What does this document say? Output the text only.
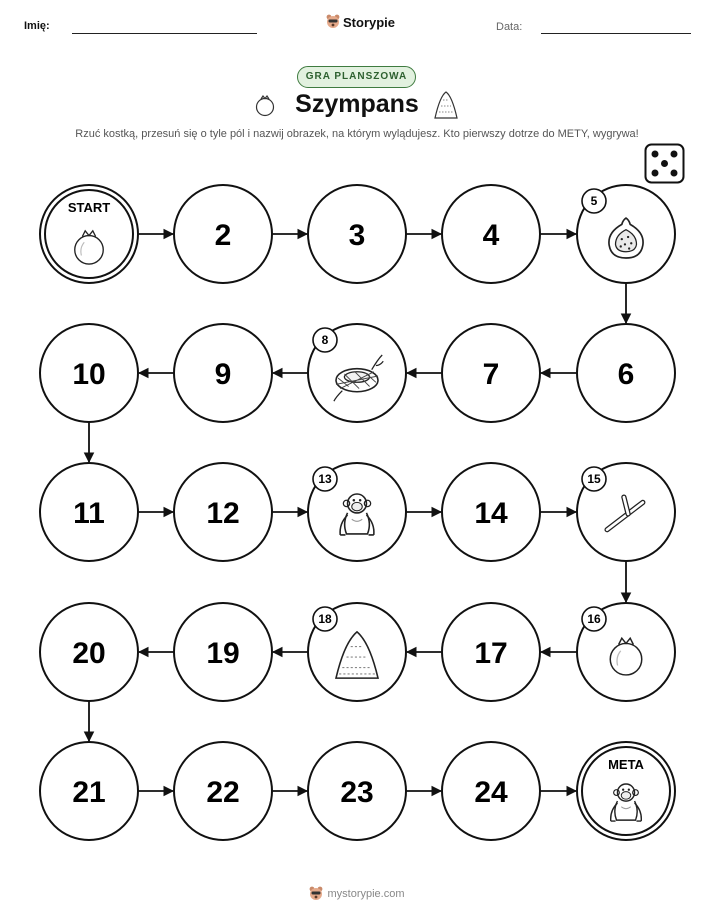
Imię:	Storypie	Data:
GRA PLANSZOWA
Szympans
Rzuć kostką, przesuń się o tyle pól i nazwij obrazek, na którym wylądujesz. Kto pierwszy dotrze do METY, wygrywa!
START
2	3	4
5
6
7
8
9
10
11	12
13
14
15
16
17
18
19
20
21	22	23	24
META
mystorypie.com
